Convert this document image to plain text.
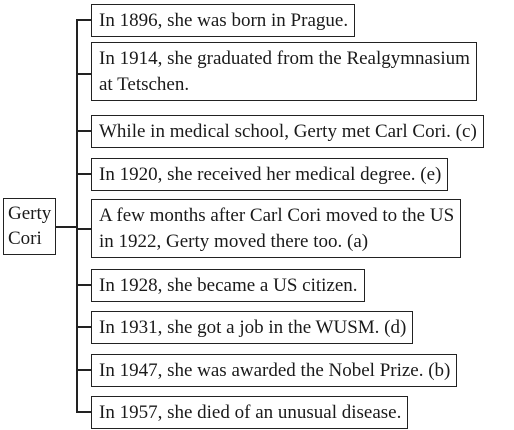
Gerty
Cori
In 1896, she was born in Prague.
In 1914, she graduated from the Realgymnasium
at Tetschen.
While in medical school, Gerty met Carl Cori. (c)
In 1920, she received her medical degree. (e)
A few months after Carl Cori moved to the US
in 1922, Gerty moved there too. (a)
In 1928, she became a US citizen.
In 1931, she got a job in the WUSM. (d)
In 1947, she was awarded the Nobel Prize. (b)
In 1957, she died of an unusual disease.
